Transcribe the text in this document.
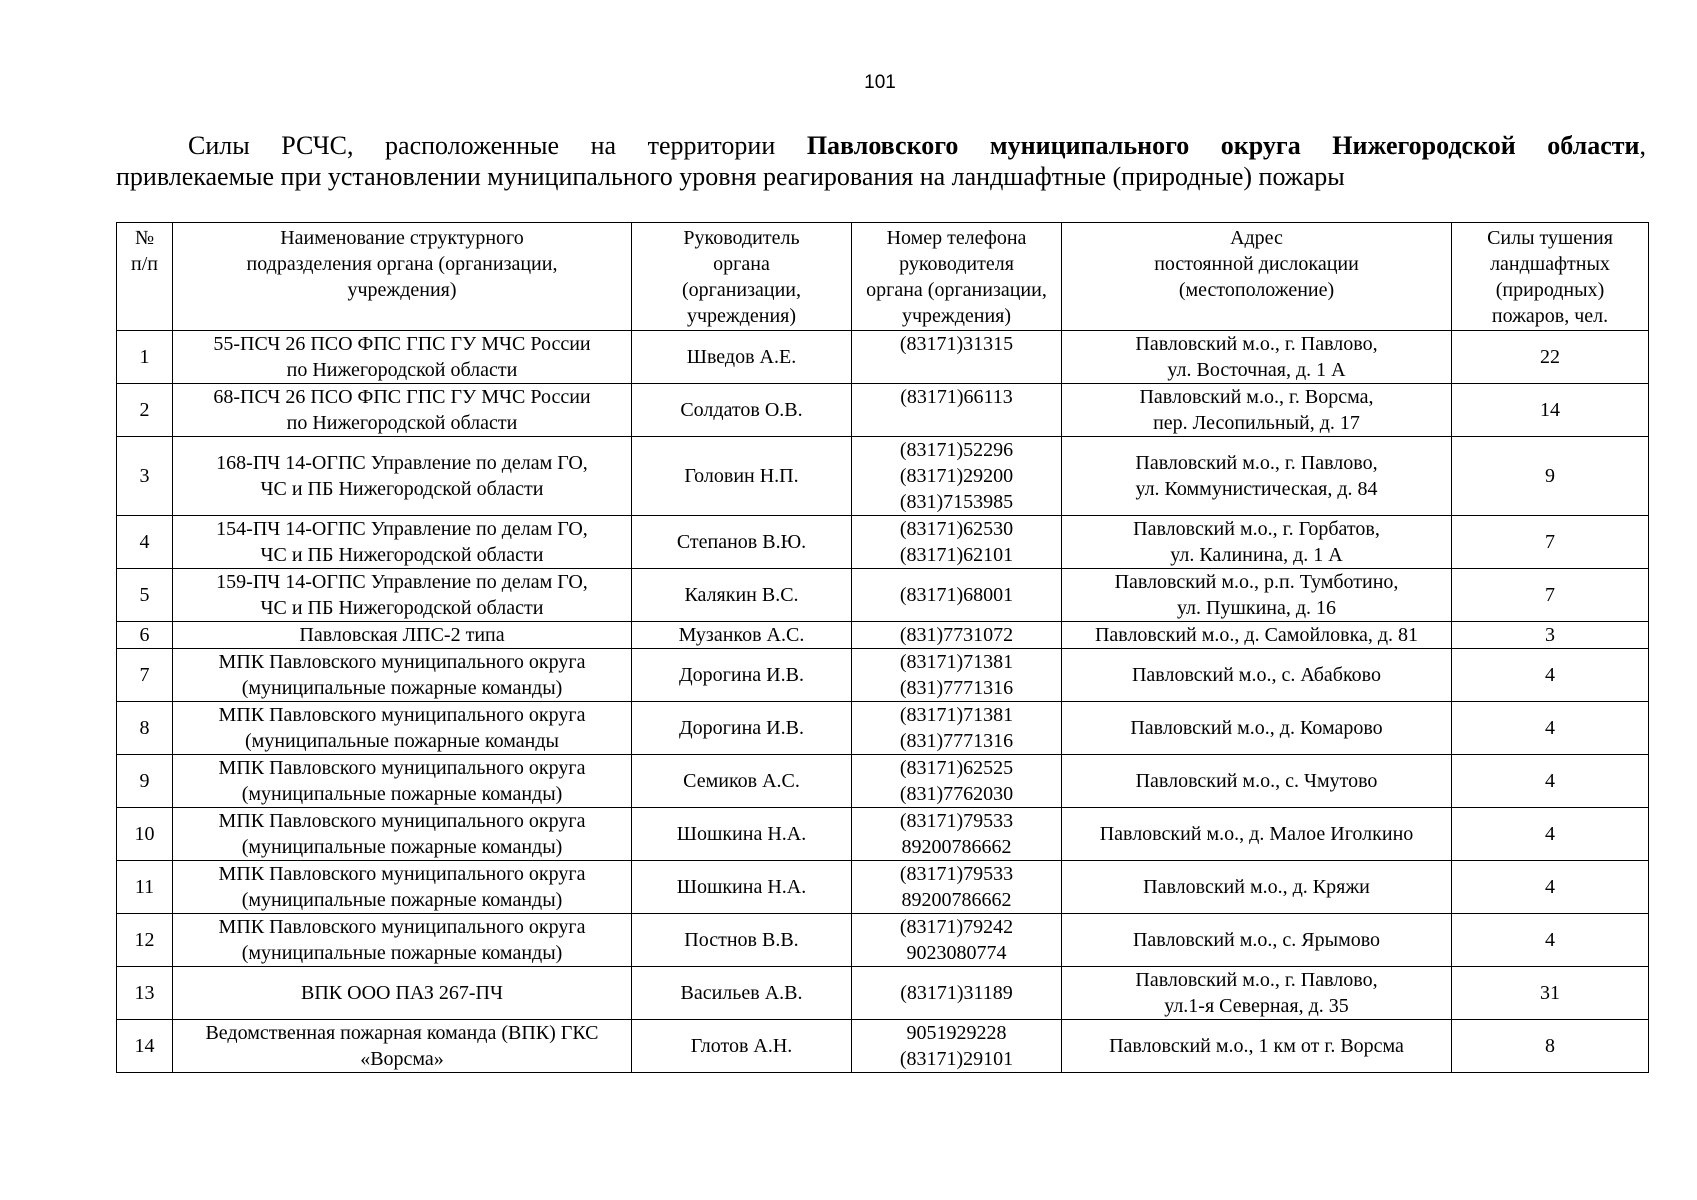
101
Силы РСЧС, расположенные на территории Павловского муниципального округа Нижегородской области,
привлекаемые при установлении муниципального уровня реагирования на ландшафтные (природные) пожары
№
п/п	Наименование структурного
подразделения органа (организации,
учреждения)	Руководитель
органа
(организации,
учреждения)	Номер телефона
руководителя
органа (организации,
учреждения)	Адрес
постоянной дислокации
(местоположение)	Силы тушения
ландшафтных
(природных)
пожаров, чел.

1	55-ПСЧ 26 ПСО ФПС ГПС ГУ МЧС России
по Нижегородской области	Шведов А.Е.	(83171)31315	Павловский м.о., г. Павлово,
ул. Восточная, д. 1 А	22
2	68-ПСЧ 26 ПСО ФПС ГПС ГУ МЧС России
по Нижегородской области	Солдатов О.В.	(83171)66113	Павловский м.о., г. Ворсма,
пер. Лесопильный, д. 17	14
3	168-ПЧ 14-ОГПС Управление по делам ГО,
ЧС и ПБ Нижегородской области	Головин Н.П.	(83171)52296
(83171)29200
(831)7153985	Павловский м.о., г. Павлово,
ул. Коммунистическая, д. 84	9
4	154-ПЧ 14-ОГПС Управление по делам ГО,
ЧС и ПБ Нижегородской области	Степанов В.Ю.	(83171)62530
(83171)62101	Павловский м.о., г. Горбатов,
ул. Калинина, д. 1 А	7
5	159-ПЧ 14-ОГПС Управление по делам ГО,
ЧС и ПБ Нижегородской области	Калякин В.С.	(83171)68001	Павловский м.о., р.п. Тумботино,
ул. Пушкина, д. 16	7
6	Павловская ЛПС-2 типа	Музанков А.С.	(831)7731072	Павловский м.о., д. Самойловка, д. 81	3
7	МПК Павловского муниципального округа
(муниципальные пожарные команды)	Дорогина И.В.	(83171)71381
(831)7771316	Павловский м.о., с. Абабково	4
8	МПК Павловского муниципального округа
(муниципальные пожарные команды	Дорогина И.В.	(83171)71381
(831)7771316	Павловский м.о., д. Комарово	4
9	МПК Павловского муниципального округа
(муниципальные пожарные команды)	Семиков А.С.	(83171)62525
(831)7762030	Павловский м.о., с. Чмутово	4
10	МПК Павловского муниципального округа
(муниципальные пожарные команды)	Шошкина Н.А.	(83171)79533
89200786662	Павловский м.о., д. Малое Иголкино	4
11	МПК Павловского муниципального округа
(муниципальные пожарные команды)	Шошкина Н.А.	(83171)79533
89200786662	Павловский м.о., д. Кряжи	4
12	МПК Павловского муниципального округа
(муниципальные пожарные команды)	Постнов В.В.	(83171)79242
9023080774	Павловский м.о., с. Ярымово	4
13	ВПК ООО ПАЗ 267-ПЧ	Васильев А.В.	(83171)31189	Павловский м.о., г. Павлово,
ул.1-я Северная, д. 35	31
14	Ведомственная пожарная команда (ВПК) ГКС
«Ворсма»	Глотов А.Н.	9051929228
(83171)29101	Павловский м.о., 1 км от г. Ворсма	8
